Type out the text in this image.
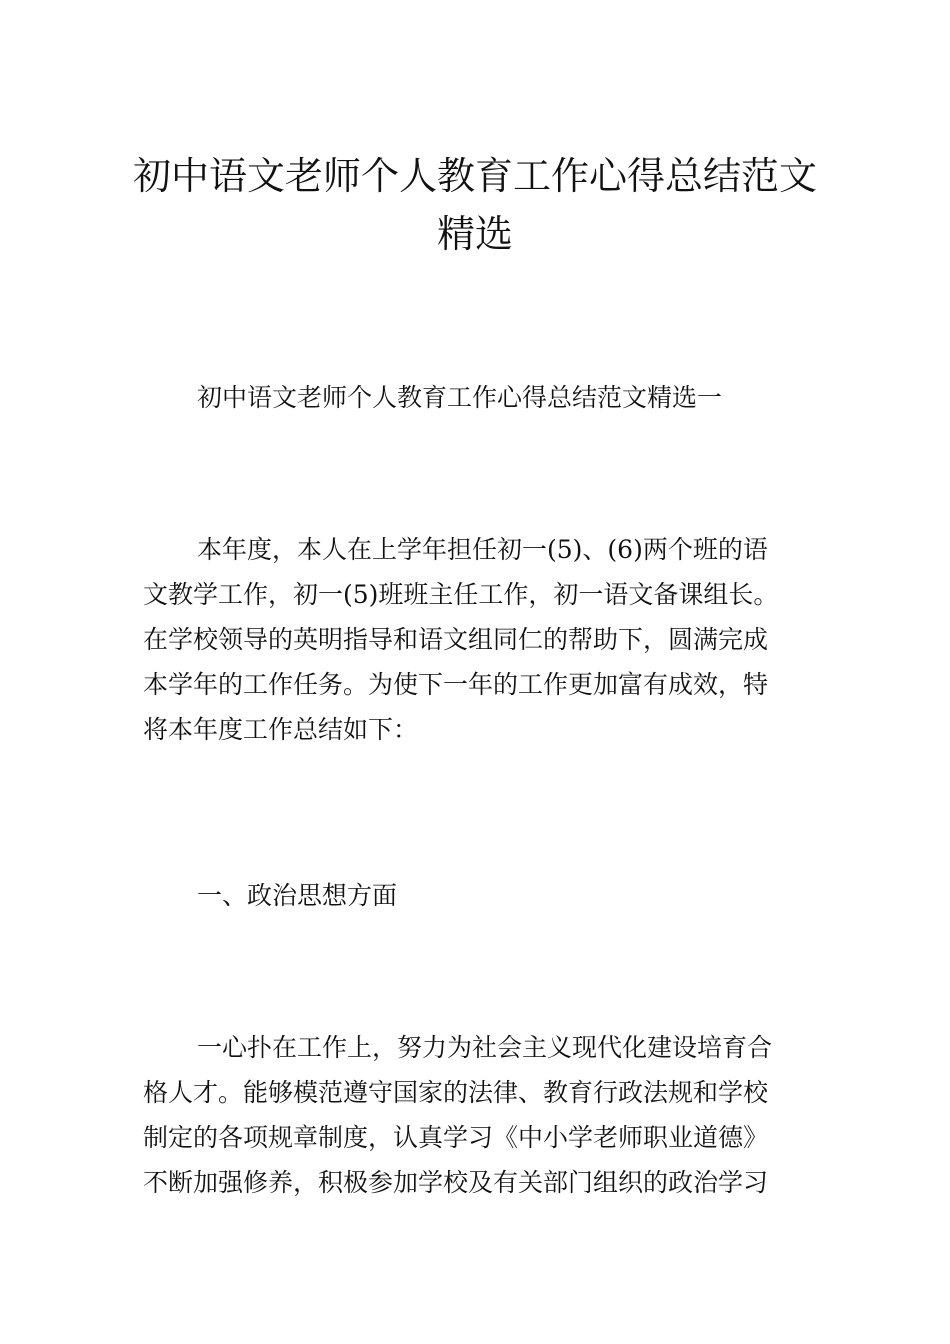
初中语文老师个人教育工作心得总结范文
精选
初中语文老师个人教育工作心得总结范文精选一
本年度，本人在上学年担任初一(5)、(6)两个班的语
文教学工作，初一(5)班班主任工作，初一语文备课组长。
在学校领导的英明指导和语文组同仁的帮助下，圆满完成
本学年的工作任务。为使下一年的工作更加富有成效，特
将本年度工作总结如下：
一、政治思想方面
一心扑在工作上，努力为社会主义现代化建设培育合
格人才。能够模范遵守国家的法律、教育行政法规和学校
制定的各项规章制度，认真学习《中小学老师职业道德》
不断加强修养，积极参加学校及有关部门组织的政治学习
